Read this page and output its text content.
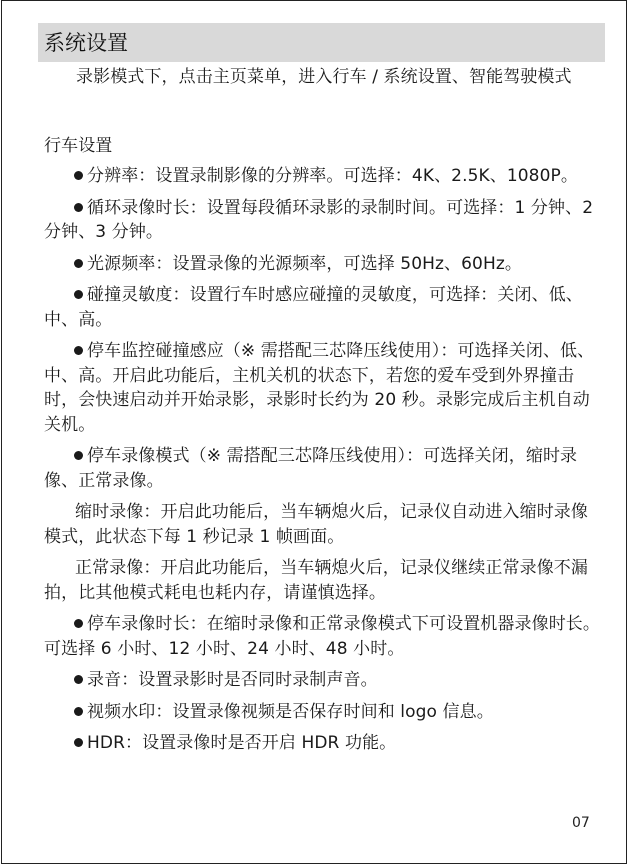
系统设置

录影模式下，点击主页菜单，进入行车 / 系统设置、智能驾驶模式

行车设置

分辨率：设置录制影像的分辨率。可选择：4K、2.5K、1080P。

循环录像时长：设置每段循环录影的录制时间。可选择：1 分钟、2 分钟、3 分钟。

光源频率：设置录像的光源频率，可选择 50Hz、60Hz。

碰撞灵敏度：设置行车时感应碰撞的灵敏度，可选择：关闭、低、中、高。

停车监控碰撞感应（※ 需搭配三芯降压线使用）：可选择关闭、低、中、高。开启此功能后，主机关机的状态下，若您的爱车受到外界撞击时，会快速启动并开始录影，录影时长约为 20 秒。录影完成后主机自动关机。

停车录像模式（※ 需搭配三芯降压线使用）：可选择关闭，缩时录像、正常录像。

缩时录像：开启此功能后，当车辆熄火后，记录仪自动进入缩时录像模式，此状态下每 1 秒记录 1 帧画面。

正常录像：开启此功能后，当车辆熄火后，记录仪继续正常录像不漏拍，比其他模式耗电也耗内存，请谨慎选择。

停车录像时长：在缩时录像和正常录像模式下可设置机器录像时长。可选择 6 小时、12 小时、24 小时、48 小时。

录音：设置录影时是否同时录制声音。

视频水印：设置录像视频是否保存时间和 logo 信息。

HDR：设置录像时是否开启 HDR 功能。

07
